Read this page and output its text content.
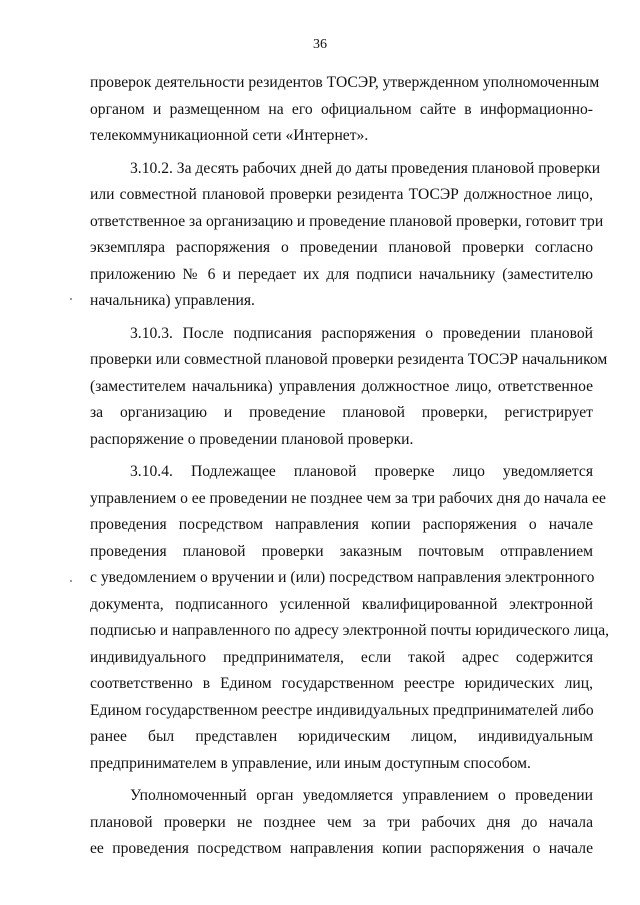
36
проверок деятельности резидентов ТОСЭР, утвержденном уполномоченным
органом и размещенном на его официальном сайте в информационно-
телекоммуникационной сети «Интернет».
3.10.2. За десять рабочих дней до даты проведения плановой проверки
или совместной плановой проверки резидента ТОСЭР должностное лицо,
ответственное за организацию и проведение плановой проверки, готовит три
экземпляра распоряжения о проведении плановой проверки согласно
приложению № 6 и передает их для подписи начальнику (заместителю
начальника) управления.
3.10.3. После подписания распоряжения о проведении плановой
проверки или совместной плановой проверки резидента ТОСЭР начальником
(заместителем начальника) управления должностное лицо, ответственное
за организацию и проведение плановой проверки, регистрирует
распоряжение о проведении плановой проверки.
3.10.4. Подлежащее плановой проверке лицо уведомляется
управлением о ее проведении не позднее чем за три рабочих дня до начала ее
проведения посредством направления копии распоряжения о начале
проведения плановой проверки заказным почтовым отправлением
с уведомлением о вручении и (или) посредством направления электронного
документа, подписанного усиленной квалифицированной электронной
подписью и направленного по адресу электронной почты юридического лица,
индивидуального предпринимателя, если такой адрес содержится
соответственно в Едином государственном реестре юридических лиц,
Едином государственном реестре индивидуальных предпринимателей либо
ранее был представлен юридическим лицом, индивидуальным
предпринимателем в управление, или иным доступным способом.
Уполномоченный орган уведомляется управлением о проведении
плановой проверки не позднее чем за три рабочих дня до начала
ее проведения посредством направления копии распоряжения о начале
